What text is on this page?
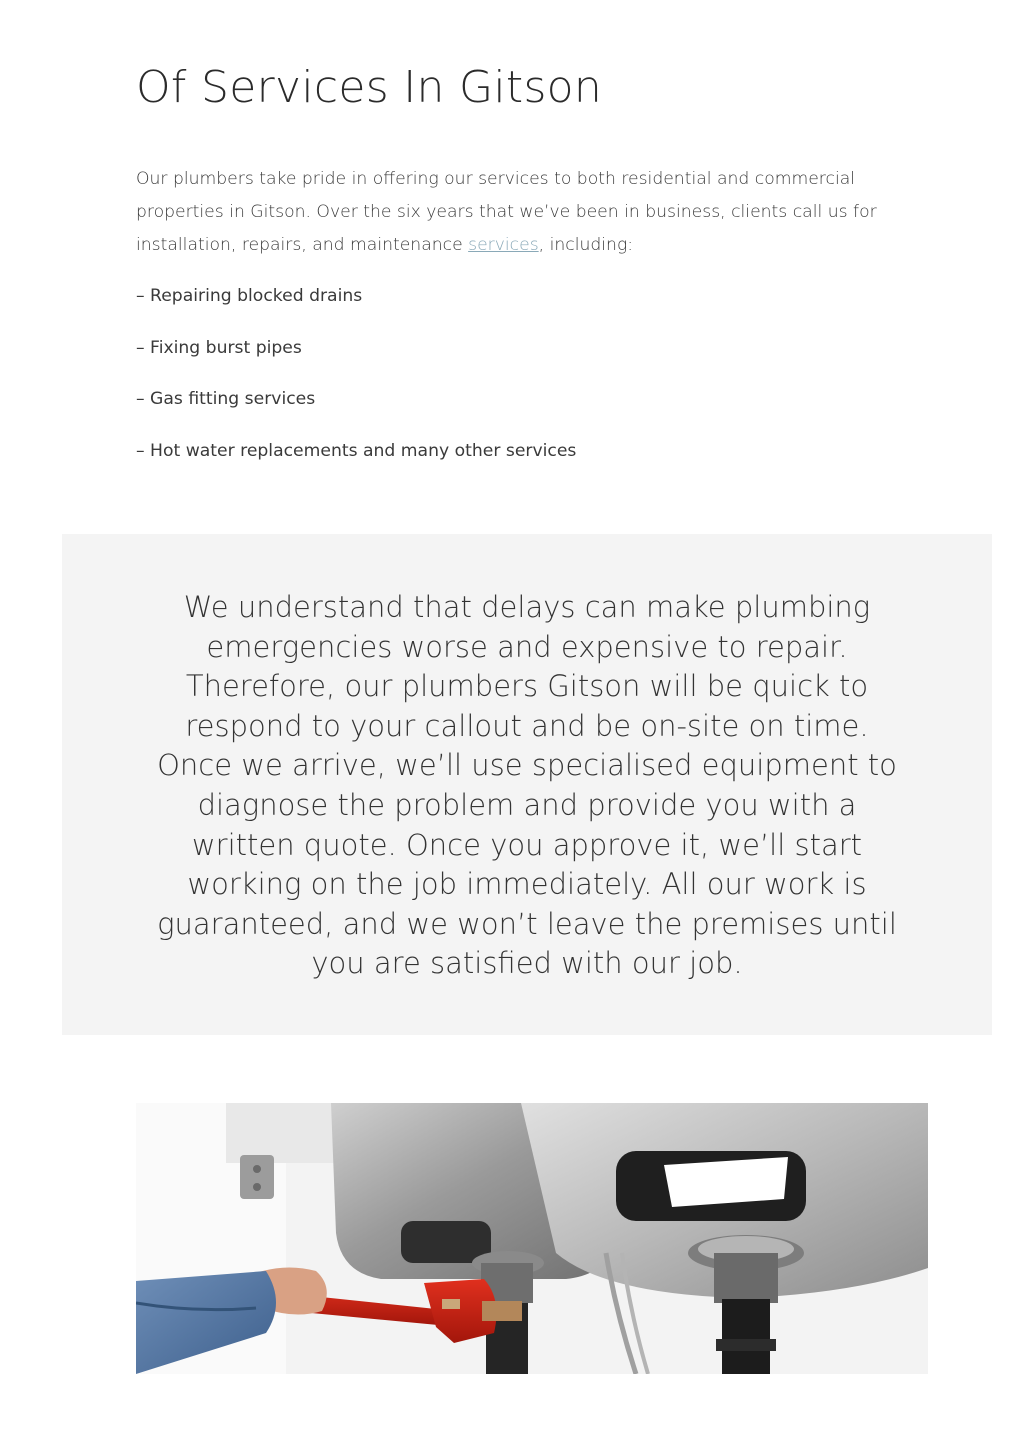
Of Services In Gitson

Our plumbers take pride in offering our services to both residential and commercial properties in Gitson. Over the six years that we’ve been in business, clients call us for installation, repairs, and maintenance services, including:

– Repairing blocked drains
– Fixing burst pipes
– Gas fitting services
– Hot water replacements and many other services

We understand that delays can make plumbing emergencies worse and expensive to repair. Therefore, our plumbers Gitson will be quick to respond to your callout and be on-site on time. Once we arrive, we’ll use specialised equipment to diagnose the problem and provide you with a written quote. Once you approve it, we’ll start working on the job immediately. All our work is guaranteed, and we won’t leave the premises until you are satisfied with our job.
